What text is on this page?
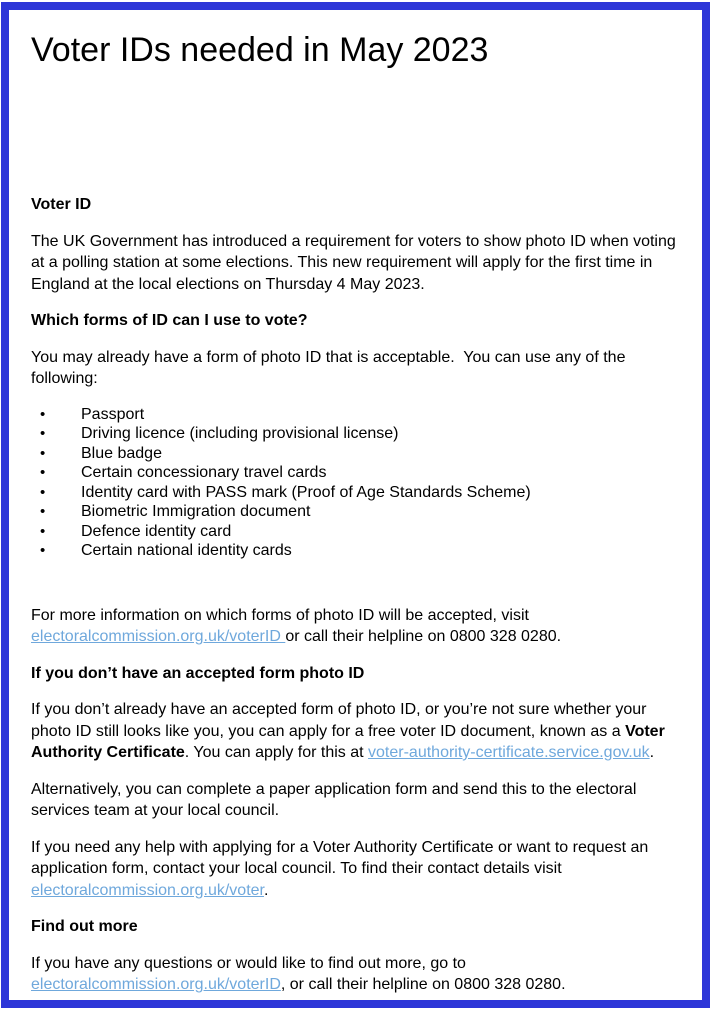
Voter IDs needed in May 2023
Voter ID

The UK Government has introduced a requirement for voters to show photo ID when voting at a polling station at some elections. This new requirement will apply for the first time in England at the local elections on Thursday 4 May 2023.

Which forms of ID can I use to vote?

You may already have a form of photo ID that is acceptable.  You can use any of the following:

• Passport
• Driving licence (including provisional license)
• Blue badge
• Certain concessionary travel cards
• Identity card with PASS mark (Proof of Age Standards Scheme)
• Biometric Immigration document
• Defence identity card
• Certain national identity cards

For more information on which forms of photo ID will be accepted, visit electoralcommission.org.uk/voterID or call their helpline on 0800 328 0280.

If you don’t have an accepted form photo ID

If you don’t already have an accepted form of photo ID, or you’re not sure whether your photo ID still looks like you, you can apply for a free voter ID document, known as a Voter Authority Certificate. You can apply for this at voter-authority-certificate.service.gov.uk.

Alternatively, you can complete a paper application form and send this to the electoral services team at your local council.

If you need any help with applying for a Voter Authority Certificate or want to request an application form, contact your local council. To find their contact details visit electoralcommission.org.uk/voter.

Find out more

If you have any questions or would like to find out more, go to electoralcommission.org.uk/voterID, or call their helpline on 0800 328 0280.
